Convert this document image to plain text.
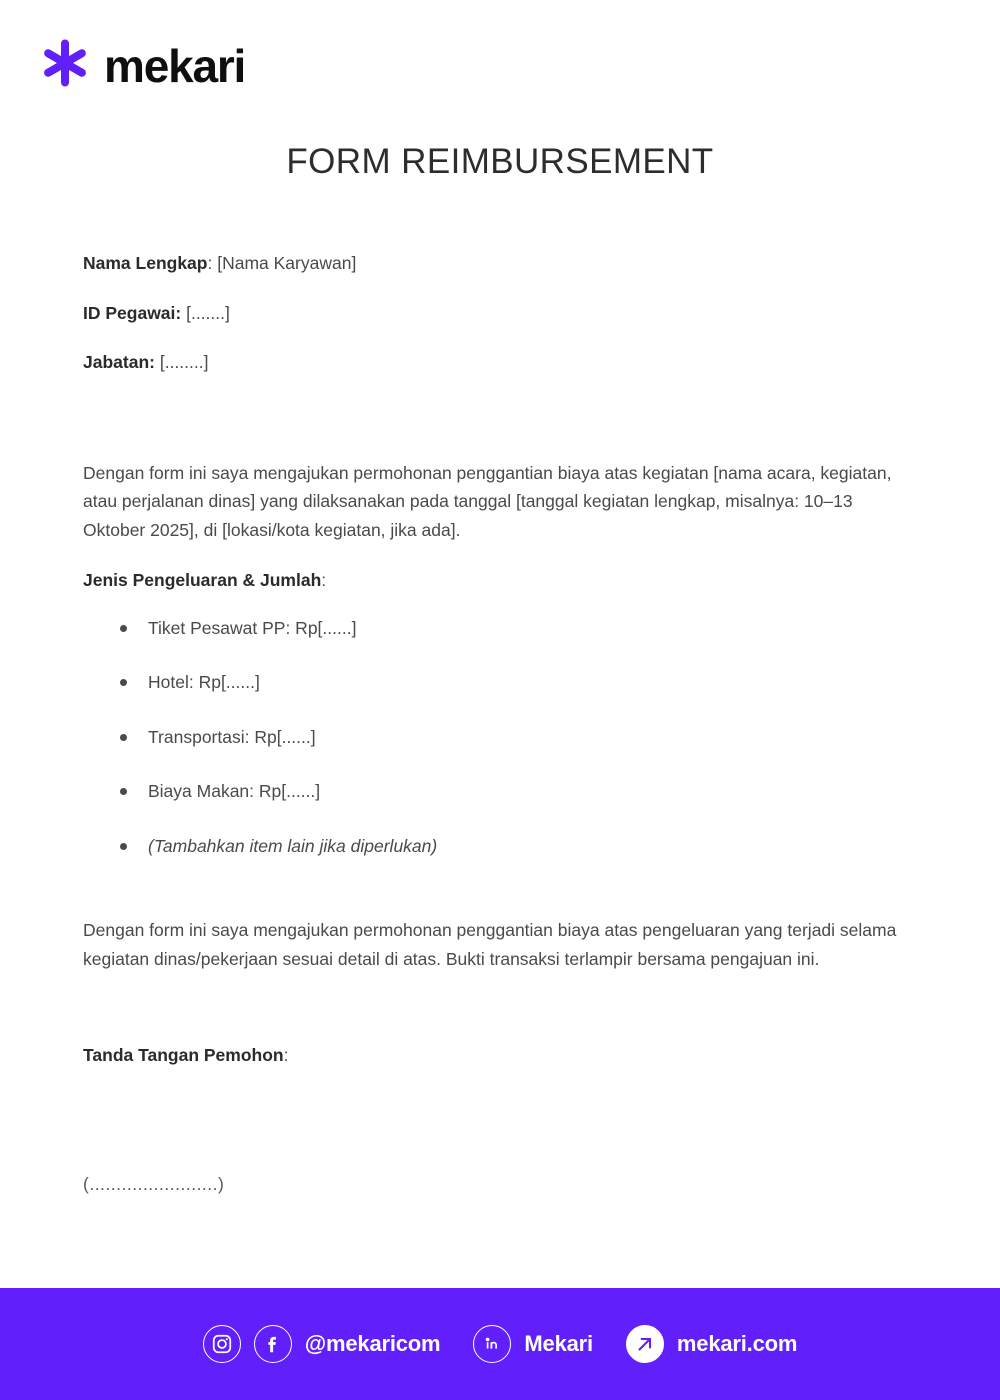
mekari
FORM REIMBURSEMENT
Nama Lengkap: [Nama Karyawan]
ID Pegawai: [.......]
Jabatan: [........]

Dengan form ini saya mengajukan permohonan penggantian biaya atas kegiatan [nama acara, kegiatan, atau perjalanan dinas] yang dilaksanakan pada tanggal [tanggal kegiatan lengkap, misalnya: 10–13 Oktober 2025], di [lokasi/kota kegiatan, jika ada].

Jenis Pengeluaran & Jumlah:
Tiket Pesawat PP: Rp[......]
Hotel: Rp[......]
Transportasi: Rp[......]
Biaya Makan: Rp[......]
(Tambahkan item lain jika diperlukan)

Dengan form ini saya mengajukan permohonan penggantian biaya atas pengeluaran yang terjadi selama kegiatan dinas/pekerjaan sesuai detail di atas. Bukti transaksi terlampir bersama pengajuan ini.

Tanda Tangan Pemohon:
(........................)
@mekaricom	Mekari	mekari.com
